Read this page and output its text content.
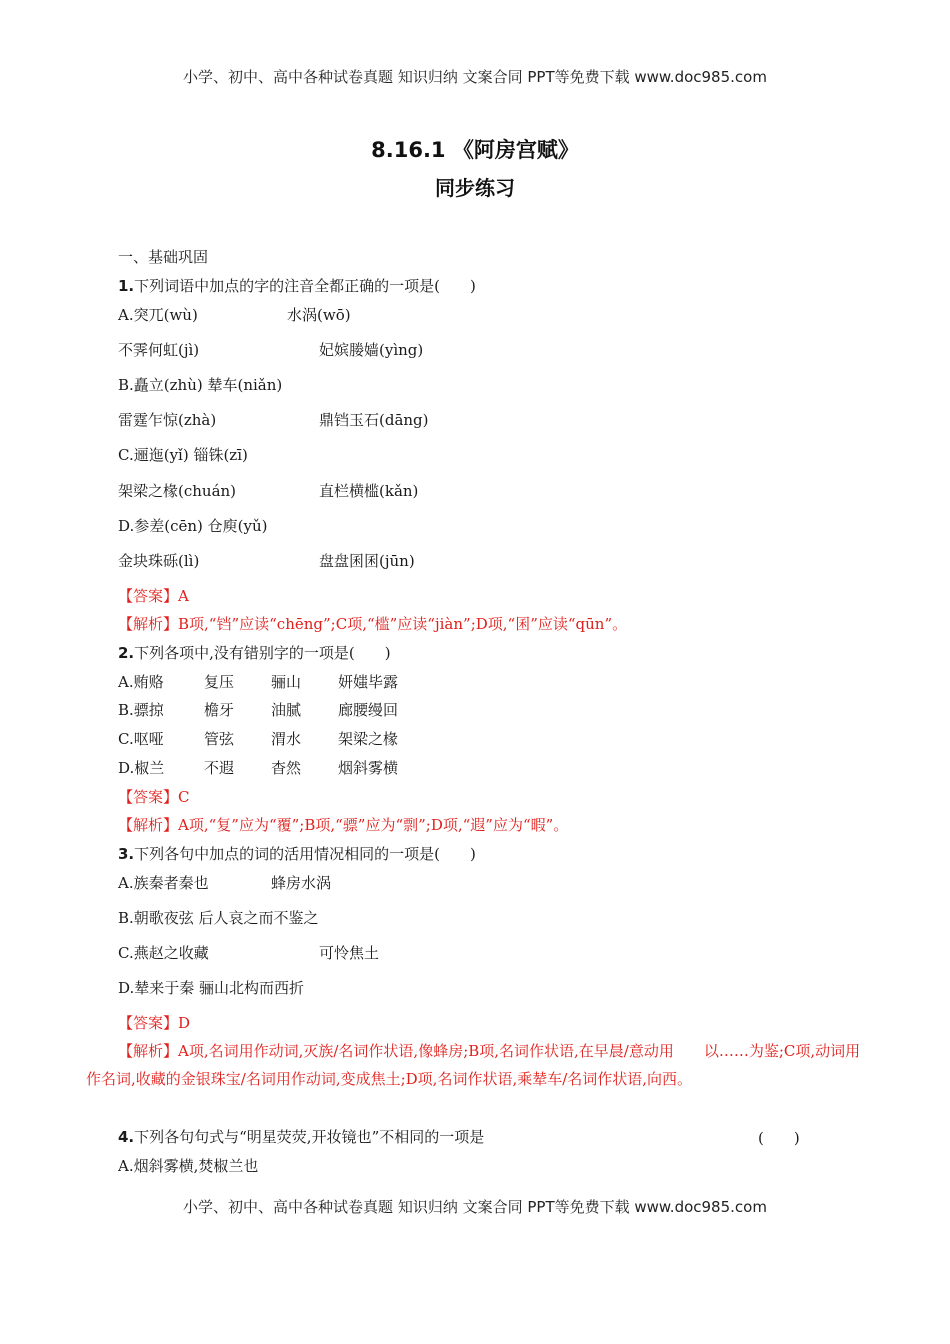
小学、初中、高中各种试卷真题 知识归纳 文案合同 PPT等免费下载 www.doc985.com
8.16.1 《阿房宫赋》
同步练习
一、基础巩固
1.下列词语中加点的字的注音全都正确的一项是(　　)
A.突兀(wù)	水涡(wō)
不霁何虹(jì)	妃嫔媵嫱(yìng)
B.矗立(zhù) 辇车(niǎn)
雷霆乍惊(zhà)	鼎铛玉石(dāng)
C.逦迤(yǐ) 锱铢(zī)
架梁之椽(chuán)	直栏横槛(kǎn)
D.参差(cēn) 仓庾(yǔ)
金块珠砾(lì)	盘盘囷囷(jūn)
【答案】A
【解析】B项,“铛”应读“chēng”;C项,“槛”应读“jiàn”;D项,“囷”应读“qūn”。
2.下列各项中,没有错别字的一项是(　　)
A.贿赂	复压 骊山 妍媸毕露
B.骠掠	檐牙 油腻 廊腰缦回
C.呕哑	管弦 渭水 架梁之椽
D.椒兰	不遐 杳然 烟斜雾横
【答案】C
【解析】A项,“复”应为“覆”;B项,“骠”应为“剽”;D项,“遐”应为“暇”。
3.下列各句中加点的词的活用情况相同的一项是(　　)
A.族秦者秦也	蜂房水涡
B.朝歌夜弦 后人哀之而不鉴之
C.燕赵之收藏	可怜焦土
D.辇来于秦 骊山北构而西折
【答案】D
【解析】A项,名词用作动词,灭族/名词作状语,像蜂房;B项,名词作状语,在早晨/意动用　　以……为鉴;C项,动词用作名词,收藏的金银珠宝/名词用作动词,变成焦土;D项,名词作状语,乘辇车/名词作状语,向西。
4.下列各句句式与“明星荧荧,开妆镜也”不相同的一项是	(　　)
A.烟斜雾横,焚椒兰也
小学、初中、高中各种试卷真题 知识归纳 文案合同 PPT等免费下载 www.doc985.com
